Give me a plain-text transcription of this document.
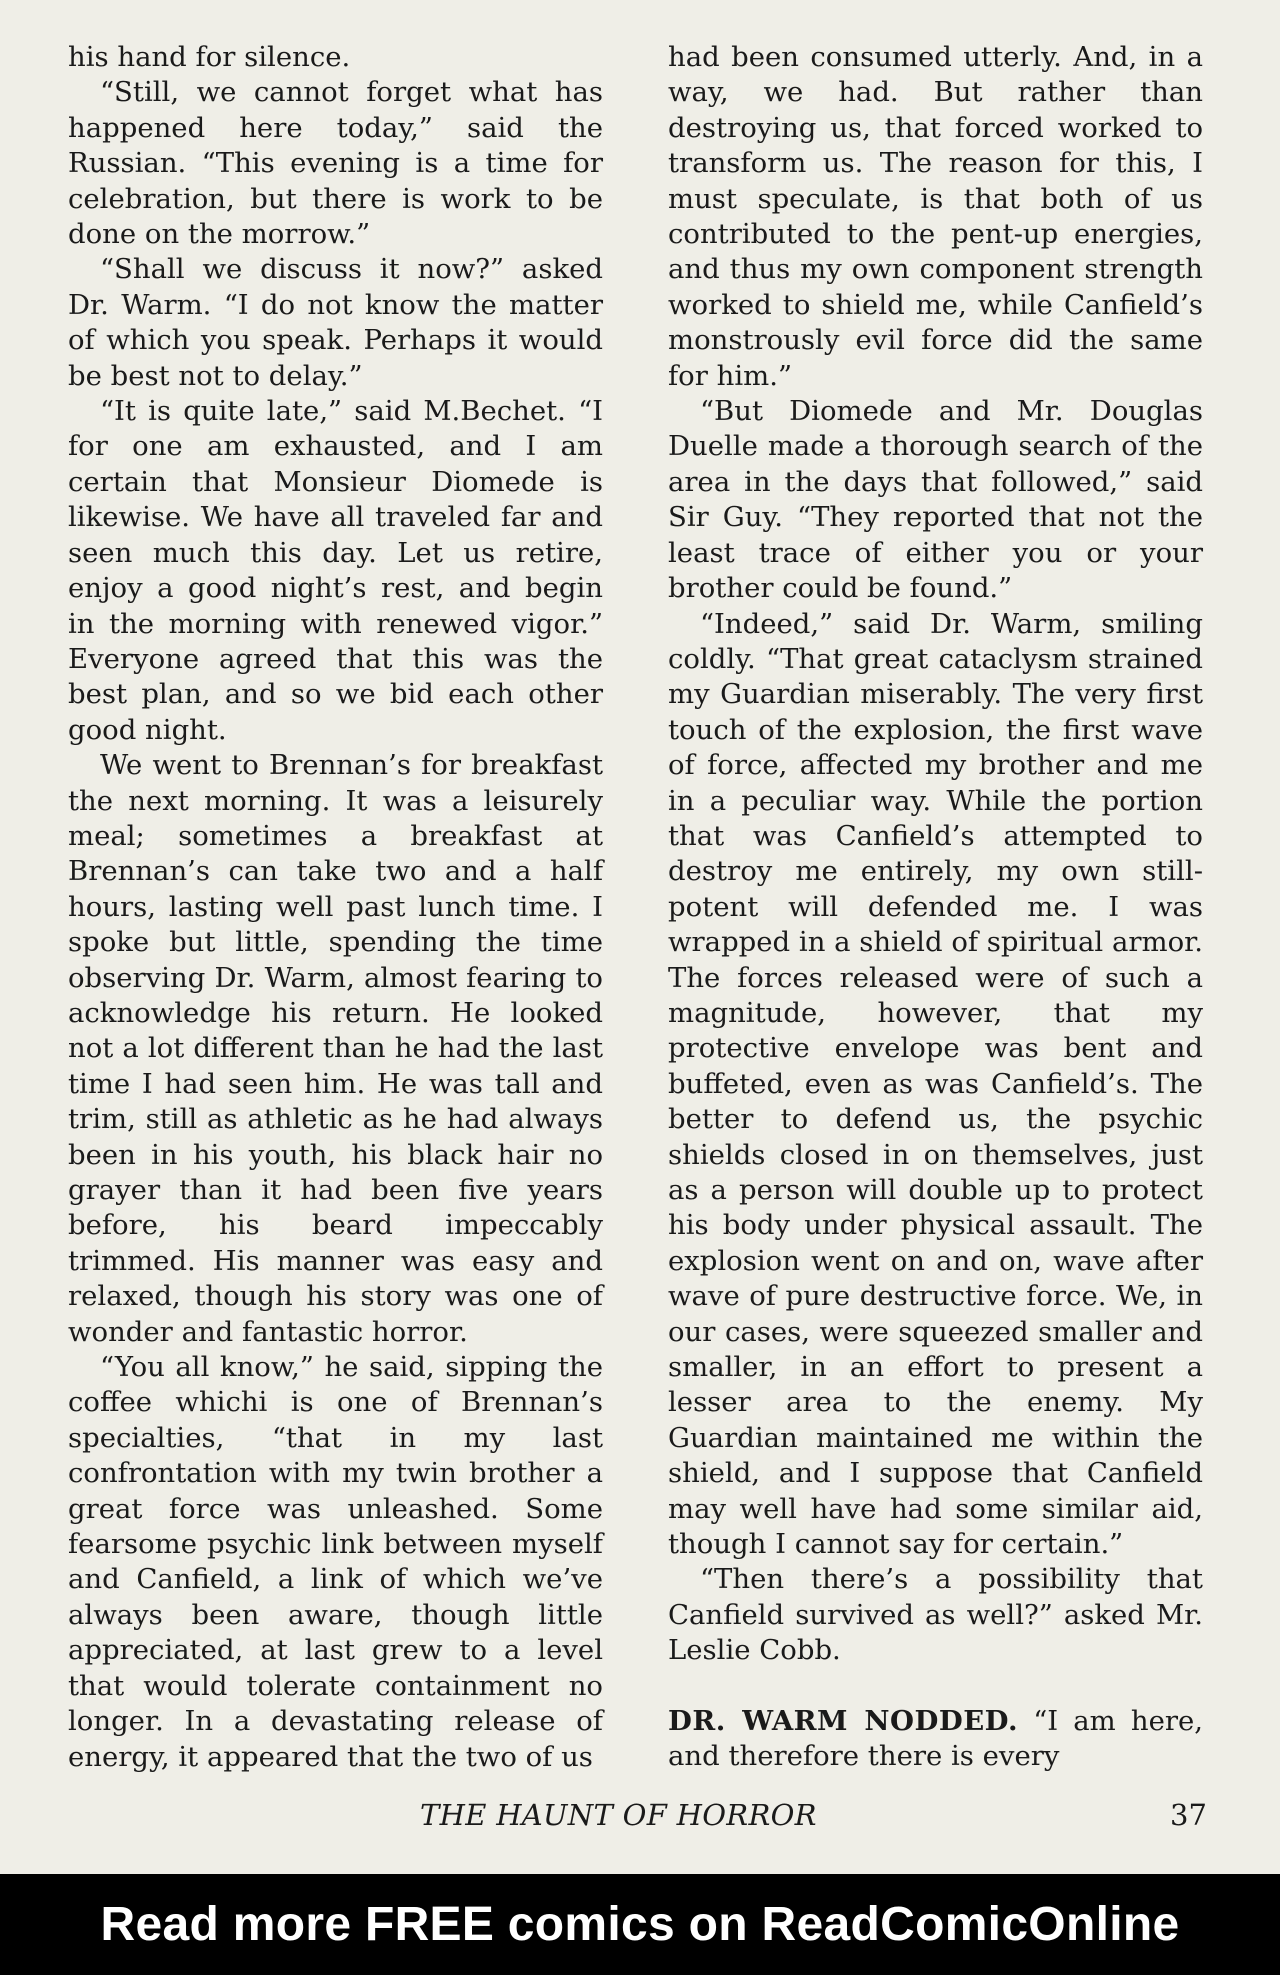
his hand for silence.

“Still, we cannot forget what has happened here today,” said the Russian. “This evening is a time for celebration, but there is work to be done on the morrow.”

“Shall we discuss it now?” asked Dr. Warm. “I do not know the matter of which you speak. Perhaps it would be best not to delay.”

“It is quite late,” said M.Bechet. “I for one am exhausted, and I am certain that Monsieur Diomede is likewise. We have all traveled far and seen much this day. Let us retire, enjoy a good night’s rest, and begin in the morning with renewed vigor.” Everyone agreed that this was the best plan, and so we bid each other good night.

We went to Brennan’s for breakfast the next morning. It was a leisurely meal; sometimes a breakfast at Brennan’s can take two and a half hours, lasting well past lunch time. I spoke but little, spending the time observing Dr. Warm, almost fearing to acknowledge his return. He looked not a lot different than he had the last time I had seen him. He was tall and trim, still as athletic as he had always been in his youth, his black hair no grayer than it had been five years before, his beard impeccably trimmed. His manner was easy and relaxed, though his story was one of wonder and fantastic horror.

“You all know,” he said, sipping the coffee whichi is one of Brennan’s specialties, “that in my last confrontation with my twin brother a great force was unleashed. Some fearsome psychic link between myself and Canfield, a link of which we’ve always been aware, though little appreciated, at last grew to a level that would tolerate containment no longer. In a devastating release of energy, it appeared that the two of us

had been consumed utterly. And, in a way, we had. But rather than destroying us, that forced worked to transform us. The reason for this, I must speculate, is that both of us contributed to the pent-up energies, and thus my own component strength worked to shield me, while Canfield’s monstrously evil force did the same for him.”

“But Diomede and Mr. Douglas Duelle made a thorough search of the area in the days that followed,” said Sir Guy. “They reported that not the least trace of either you or your brother could be found.”

“Indeed,” said Dr. Warm, smiling coldly. “That great cataclysm strained my Guardian miserably. The very first touch of the explosion, the first wave of force, affected my brother and me in a peculiar way. While the portion that was Canfield’s attempted to destroy me entirely, my own still-potent will defended me. I was wrapped in a shield of spiritual armor. The forces released were of such a magnitude, however, that my protective envelope was bent and buffeted, even as was Canfield’s. The better to defend us, the psychic shields closed in on themselves, just as a person will double up to protect his body under physical assault. The explosion went on and on, wave after wave of pure destructive force. We, in our cases, were squeezed smaller and smaller, in an effort to present a lesser area to the enemy. My Guardian maintained me within the shield, and I suppose that Canfield may well have had some similar aid, though I cannot say for certain.”

“Then there’s a possibility that Canfield survived as well?” asked Mr. Leslie Cobb.

DR. WARM NODDED. “I am here, and therefore there is every

THE HAUNT OF HORROR	37
Read more FREE comics on ReadComicOnline
